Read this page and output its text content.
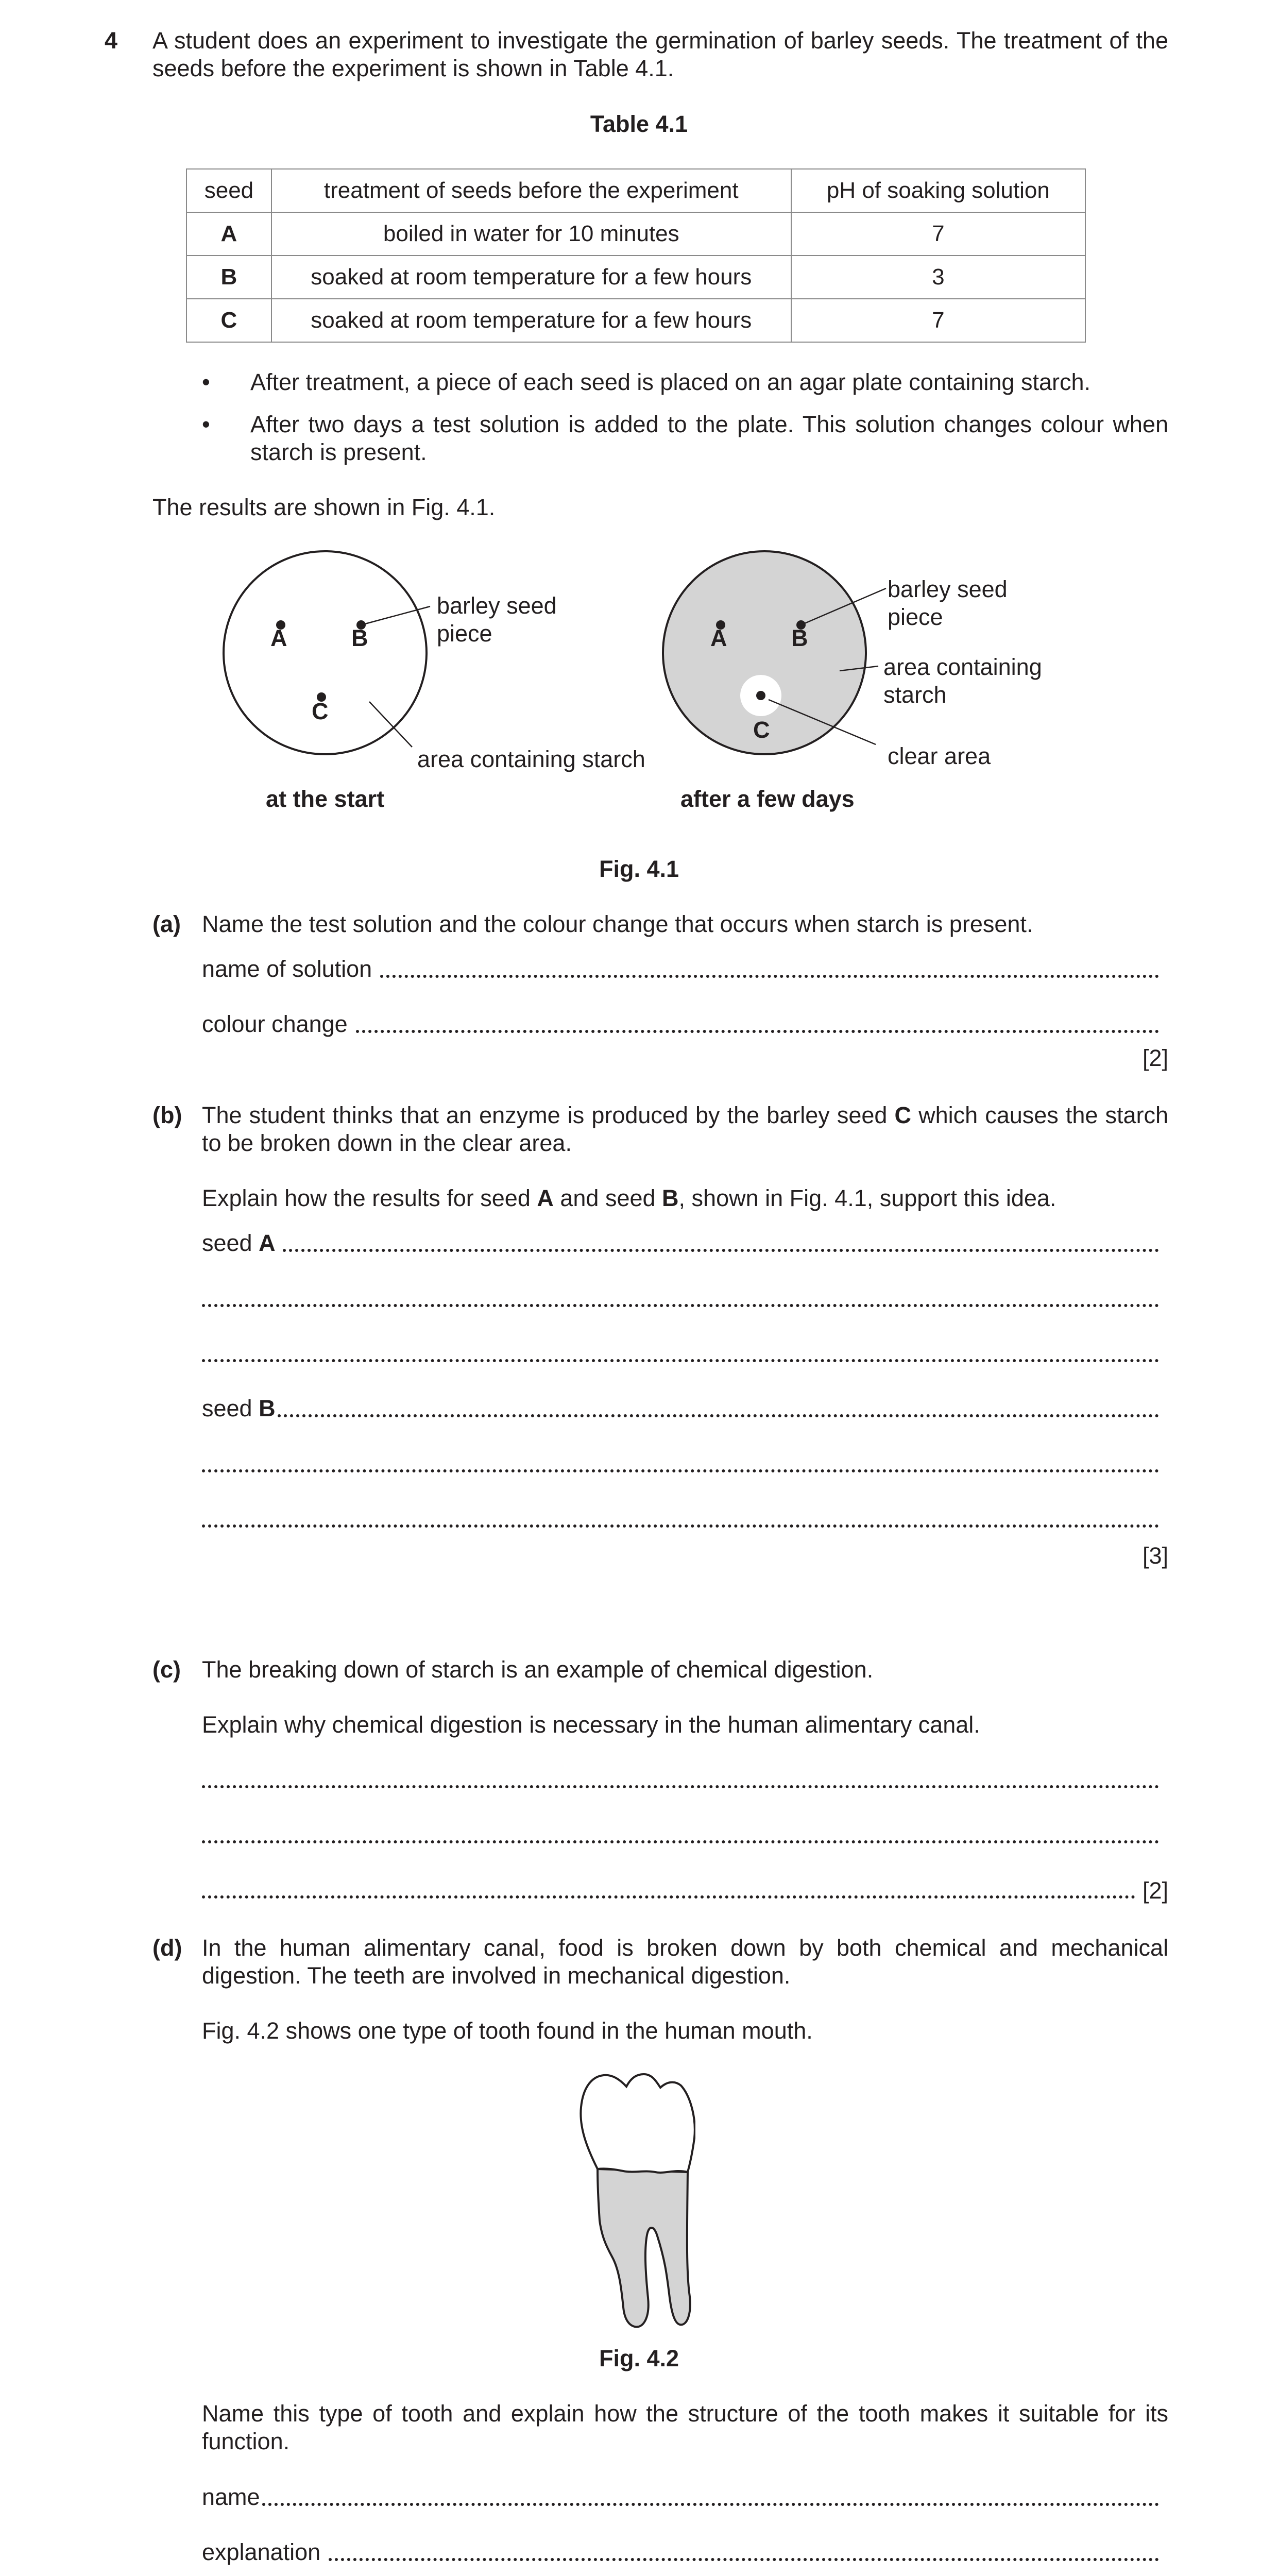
4 A student does an experiment to investigate the germination of barley seeds. The treatment of the seeds before the experiment is shown in Table 4.1.
Table 4.1
seed	treatment of seeds before the experiment	pH of soaking solution
A	boiled in water for 10 minutes	7
B	soaked at room temperature for a few hours	3
C	soaked at room temperature for a few hours	7
• After treatment, a piece of each seed is placed on an agar plate containing starch.
• After two days a test solution is added to the plate. This solution changes colour when starch is present.
The results are shown in Fig. 4.1.
A	B
C
barley seed
piece
area containing starch
at the start
A	B
C
barley seed
piece
area containing
starch
clear area
after a few days
Fig. 4.1
(a) Name the test solution and the colour change that occurs when starch is present.
name of solution
colour change
[2]
(b) The student thinks that an enzyme is produced by the barley seed C which causes the starch to be broken down in the clear area.
Explain how the results for seed A and seed B, shown in Fig. 4.1, support this idea.
seed A
seed B
[3]
(c) The breaking down of starch is an example of chemical digestion.
Explain why chemical digestion is necessary in the human alimentary canal.
[2]
(d) In the human alimentary canal, food is broken down by both chemical and mechanical digestion. The teeth are involved in mechanical digestion.
Fig. 4.2 shows one type of tooth found in the human mouth.
Fig. 4.2
Name this type of tooth and explain how the structure of the tooth makes it suitable for its function.
name
explanation
